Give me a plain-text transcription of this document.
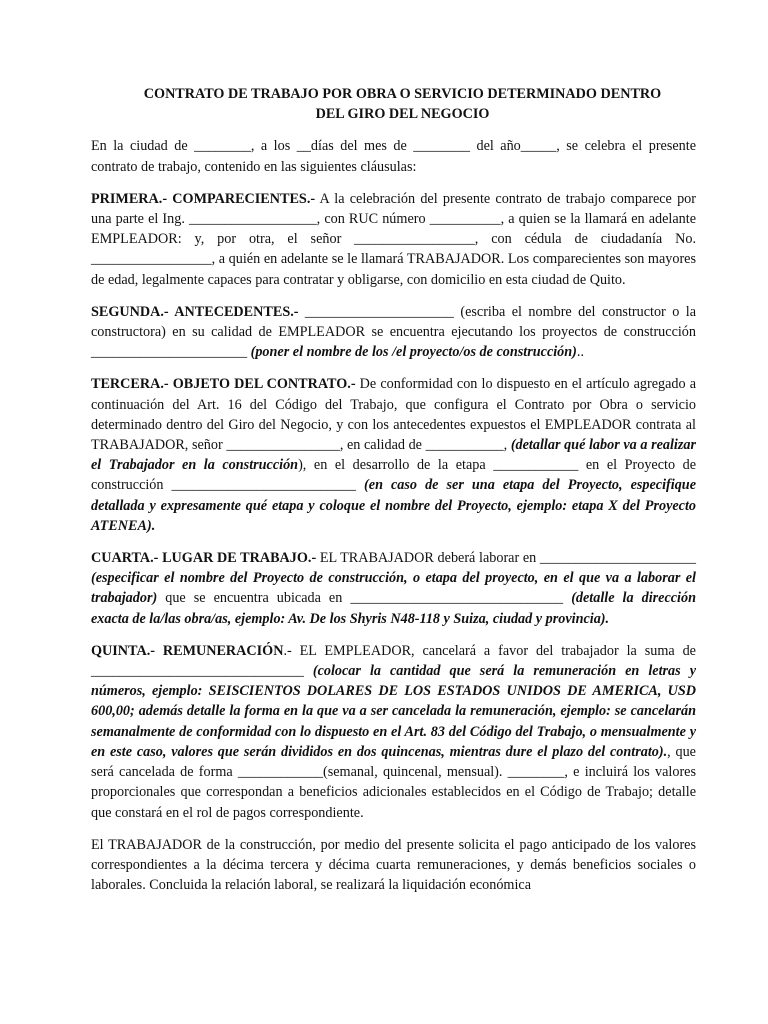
CONTRATO DE TRABAJO POR OBRA O SERVICIO DETERMINADO DENTRO
DEL GIRO DEL NEGOCIO

En la ciudad de ________, a los __días del mes de ________ del año_____, se celebra el presente contrato de trabajo, contenido en las siguientes cláusulas:

PRIMERA.- COMPARECIENTES.- A la celebración del presente contrato de trabajo comparece por una parte el Ing. __________________, con RUC número __________, a quien se la llamará en adelante EMPLEADOR: y, por otra, el señor _________________, con cédula de ciudadanía No. _________________, a quién en adelante se le llamará TRABAJADOR. Los comparecientes son mayores de edad, legalmente capaces para contratar y obligarse, con domicilio en esta ciudad de Quito.

SEGUNDA.- ANTECEDENTES.- _____________________ (escriba el nombre del constructor o la constructora) en su calidad de EMPLEADOR se encuentra ejecutando los proyectos de construcción ______________________ (poner el nombre de los /el proyecto/os de construcción)..

TERCERA.- OBJETO DEL CONTRATO.- De conformidad con lo dispuesto en el artículo agregado a continuación del Art. 16 del Código del Trabajo, que configura el Contrato por Obra o servicio determinado dentro del Giro del Negocio, y con los antecedentes expuestos el EMPLEADOR contrata al TRABAJADOR, señor ________________, en calidad de ___________, (detallar qué labor va a realizar el Trabajador en la construcción), en el desarrollo de la etapa ____________ en el Proyecto de construcción __________________________ (en caso de ser una etapa del Proyecto, especifique detallada y expresamente qué etapa y coloque el nombre del Proyecto, ejemplo: etapa X del Proyecto ATENEA).

CUARTA.- LUGAR DE TRABAJO.- EL TRABAJADOR deberá laborar en ______________________ (especificar el nombre del Proyecto de construcción, o etapa del proyecto, en el que va a laborar el trabajador) que se encuentra ubicada en ______________________________ (detalle la dirección exacta de la/las obra/as, ejemplo: Av. De los Shyris N48-118 y Suiza, ciudad y provincia).

QUINTA.- REMUNERACIÓN.- EL EMPLEADOR, cancelará a favor del trabajador la suma de ______________________________ (colocar la cantidad que será la remuneración en letras y números, ejemplo: SEISCIENTOS DOLARES DE LOS ESTADOS UNIDOS DE AMERICA, USD 600,00; además detalle la forma en la que va a ser cancelada la remuneración, ejemplo: se cancelarán semanalmente de conformidad con lo dispuesto en el Art. 83 del Código del Trabajo, o mensualmente y en este caso, valores que serán divididos en dos quincenas, mientras dure el plazo del contrato)., que será cancelada de forma ____________(semanal, quincenal, mensual). ________, e incluirá los valores proporcionales que correspondan a beneficios adicionales establecidos en el Código de Trabajo; detalle que constará en el rol de pagos correspondiente.

El TRABAJADOR de la construcción, por medio del presente solicita el pago anticipado de los valores correspondientes a la décima tercera y décima cuarta remuneraciones, y demás beneficios sociales o laborales. Concluida la relación laboral, se realizará la liquidación económica
